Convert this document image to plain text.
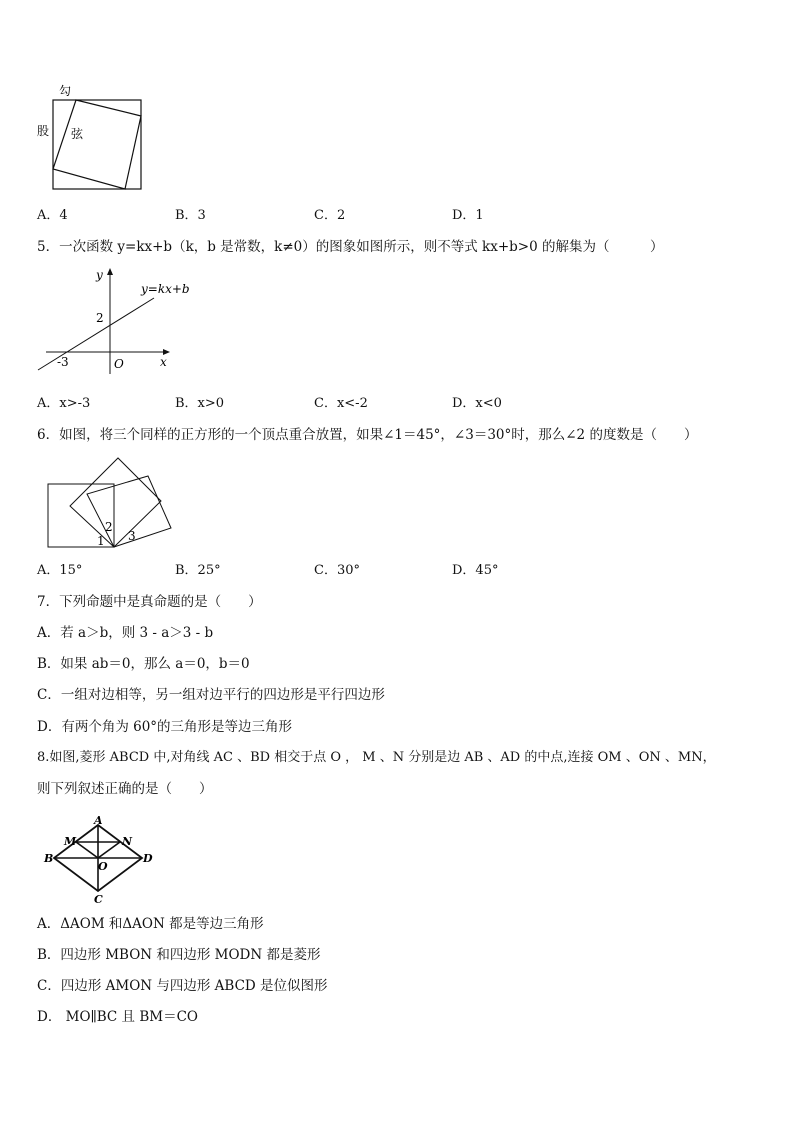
勾
股 弦
A．4	B．3	C．2	D．1
5．一次函数 y=kx+b（k，b 是常数，k≠0）的图象如图所示，则不等式 kx+b>0 的解集为（　　　）
y
x
O
y=kx+b
2
-3
A．x>-3	B．x>0	C．x<-2	D．x<0
6．如图，将三个同样的正方形的一个顶点重合放置，如果∠1＝45°，∠3＝30°时，那么∠2 的度数是（　　）
1
2
3
A．15°	B．25°	C．30°	D．45°
7．下列命题中是真命题的是（　　）
A．若 a＞b，则 3 - a＞3 - b
B．如果 ab＝0，那么 a＝0，b＝0
C．一组对边相等，另一组对边平行的四边形是平行四边形
D．有两个角为 60°的三角形是等边三角形
8.如图,菱形 ABCD 中,对角线 AC 、BD 相交于点 O ， M 、N 分别是边 AB 、AD 的中点,连接 OM 、ON 、MN，
则下列叙述正确的是（　　）
A
B
C
D
M	N
O
A．ΔAOM 和ΔAON 都是等边三角形
B．四边形 MBON 和四边形 MODN 都是菱形
C．四边形 AMON 与四边形 ABCD 是位似图形
D． MO∥BC 且 BM＝CO
